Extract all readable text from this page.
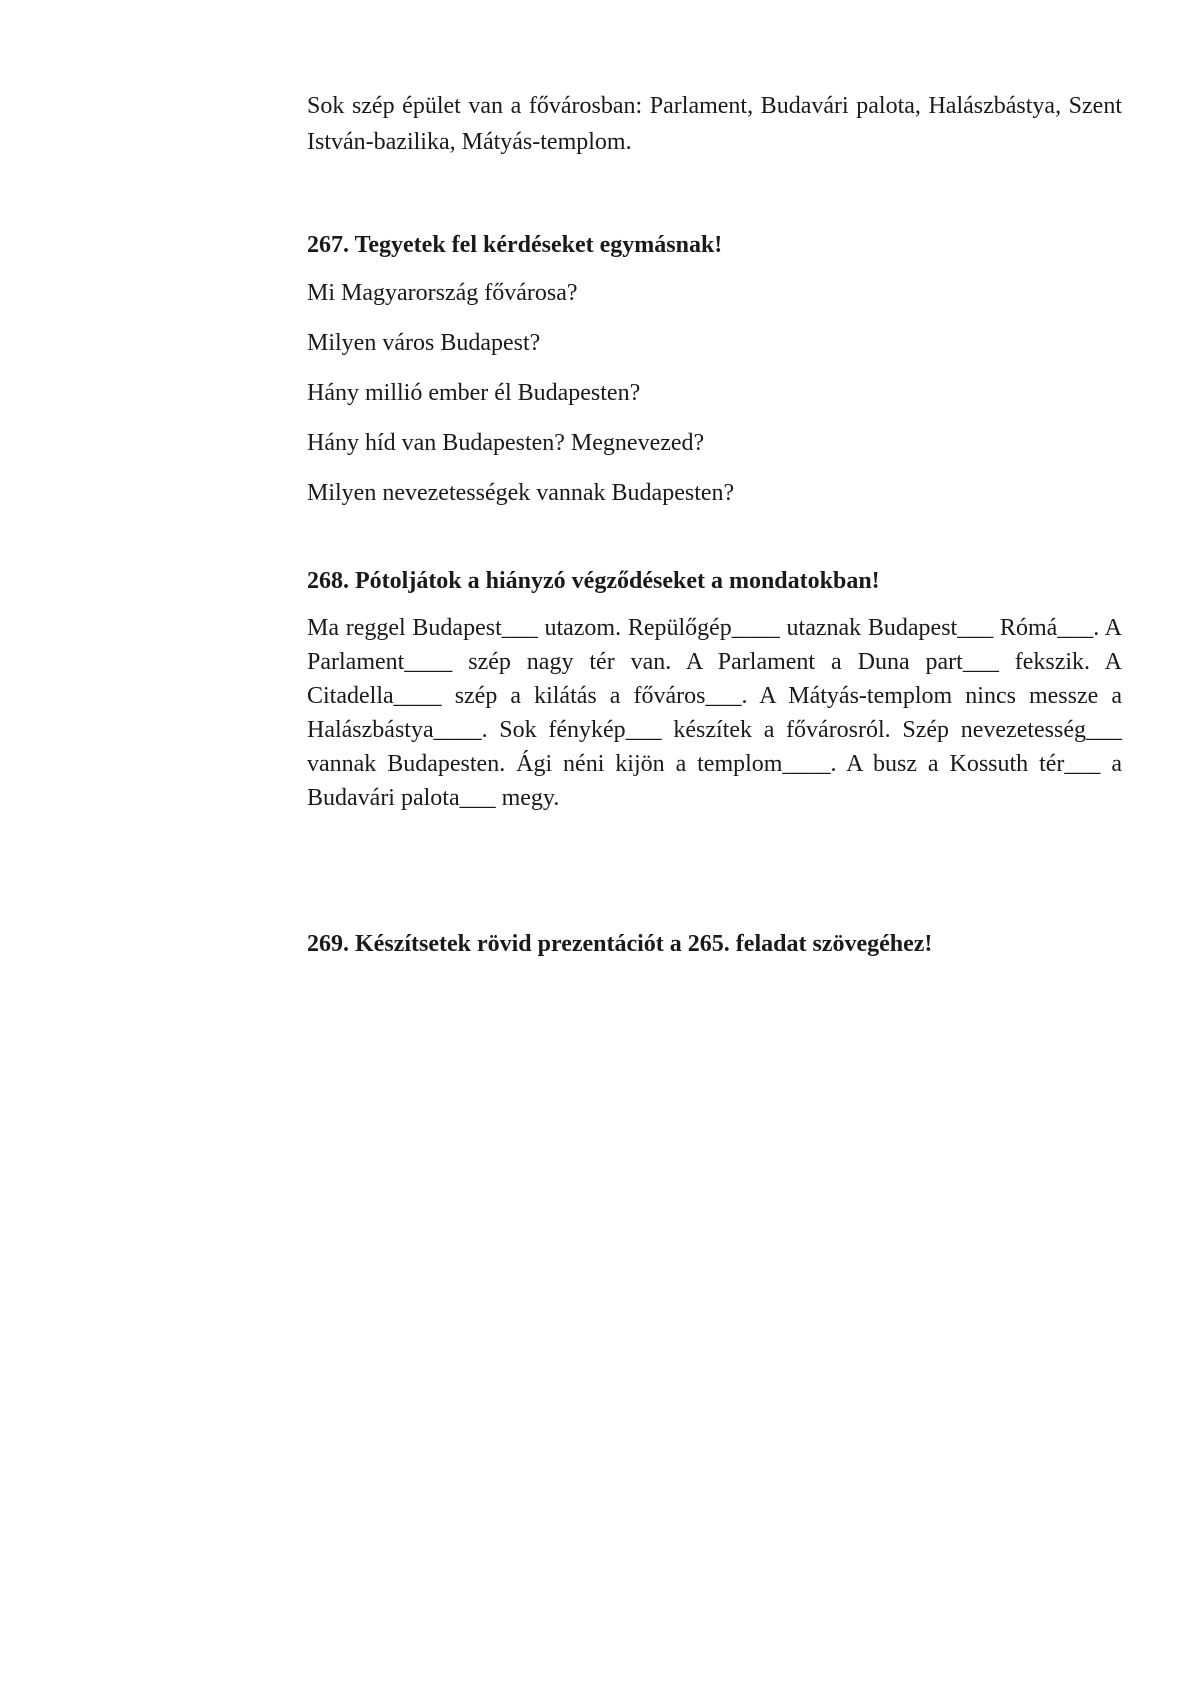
Sok szép épület van a fővárosban: Parlament, Budavári palota, Halászbástya, Szent István-bazilika, Mátyás-templom.

267. Tegyetek fel kérdéseket egymásnak!
Mi Magyarország fővárosa?
Milyen város Budapest?
Hány millió ember él Budapesten?
Hány híd van Budapesten? Megnevezed?
Milyen nevezetességek vannak Budapesten?
268. Pótoljátok a hiányzó végződéseket a mondatokban!

Ma reggel Budapest___ utazom. Repülőgép____ utaznak Budapest___ Rómá___. A Parlament____ szép nagy tér van. A Parlament a Duna part___ fekszik. A Citadella____ szép a kilátás a főváros___. A Mátyás-templom nincs messze a Halászbástya____. Sok fénykép___ készítek a fővárosról. Szép nevezetesség___ vannak Budapesten. Ági néni kijön a templom____. A busz a Kossuth tér___ a Budavári palota___ megy.

269. Készítsetek rövid prezentációt a 265. feladat szövegéhez!
